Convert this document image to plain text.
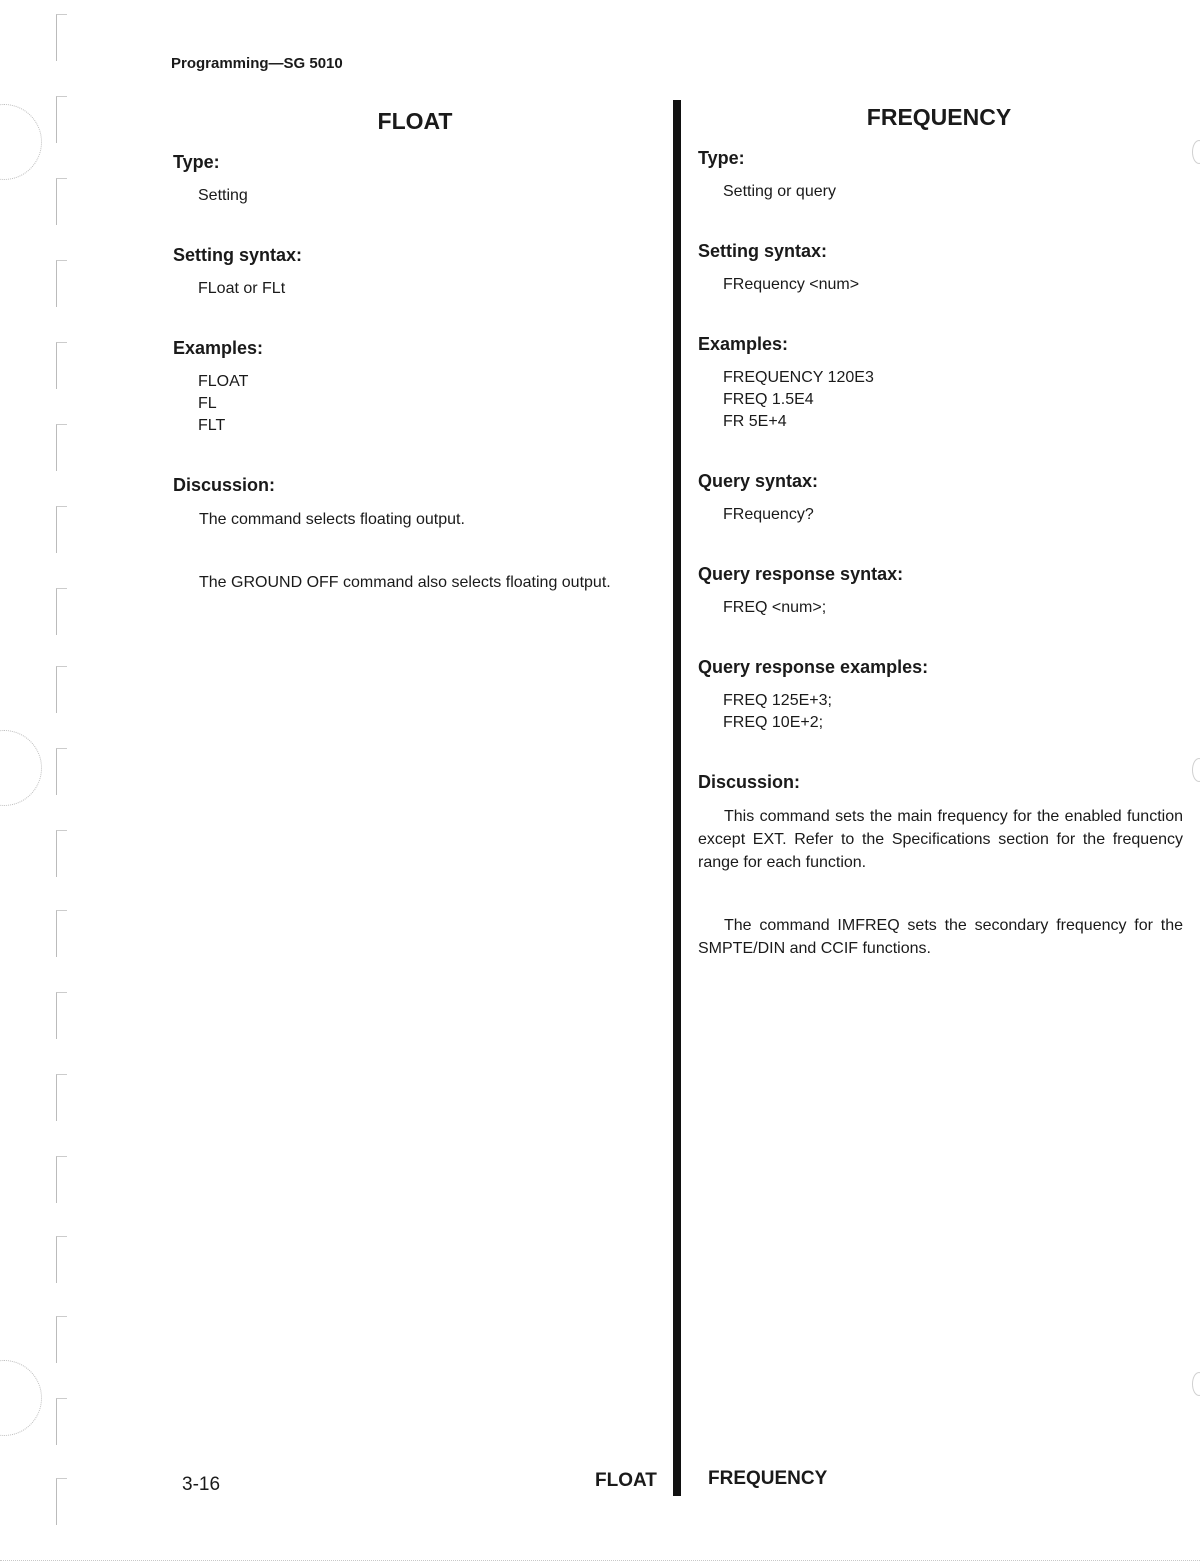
Programming—SG 5010
FLOAT
Type:
Setting
Setting syntax:
FLoat or FLt
Examples:
FLOAT
FL
FLT
Discussion:
The command selects floating output.
The GROUND OFF command also selects floating output.
FREQUENCY
Type:
Setting or query
Setting syntax:
FRequency <num>
Examples:
FREQUENCY 120E3
FREQ 1.5E4
FR 5E+4
Query syntax:
FRequency?
Query response syntax:
FREQ <num>;
Query response examples:
FREQ 125E+3;
FREQ 10E+2;
Discussion:
This command sets the main frequency for the enabled function except EXT. Refer to the Specifications section for the frequency range for each function.
The command IMFREQ sets the secondary frequency for the SMPTE/DIN and CCIF functions.
3-16	FLOAT	FREQUENCY
